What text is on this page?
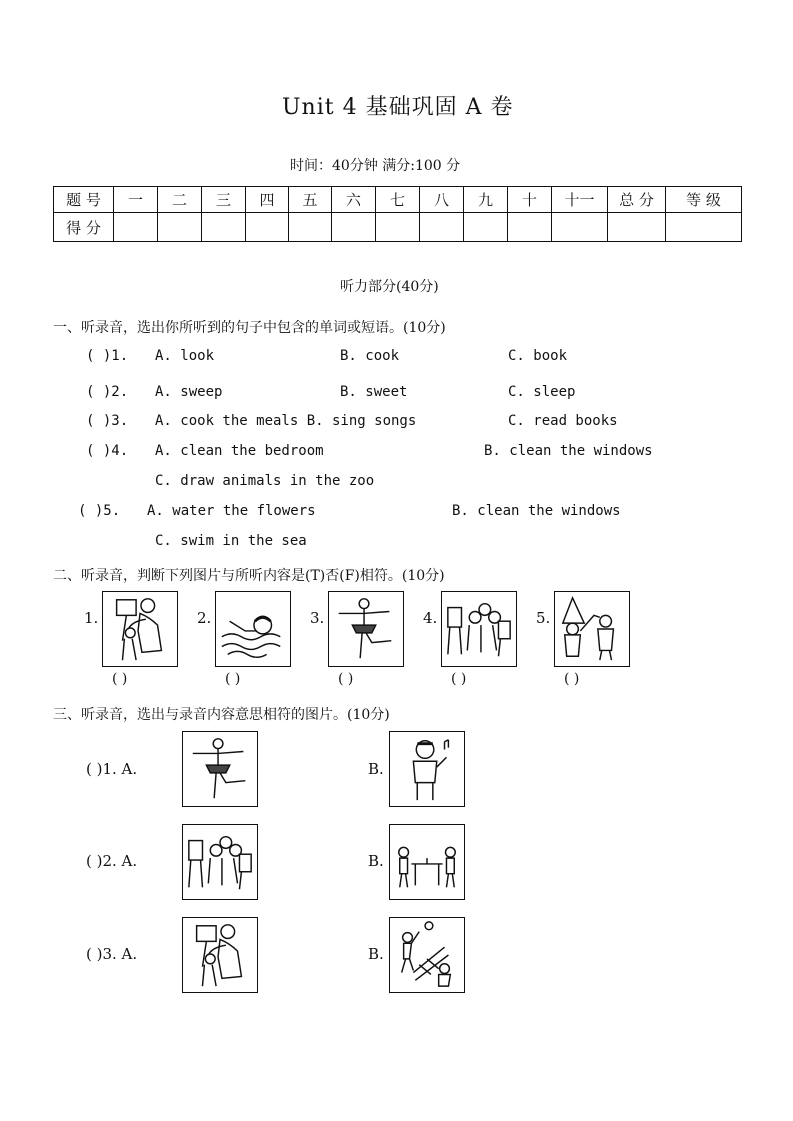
Unit 4 基础巩固 A 卷
时间：40分钟 满分:100 分
题 号	一	二	三	四	五	六	七	八	九	十	十一	总 分	等 级
得 分													
听力部分(40分)
一、听录音，选出你所听到的句子中包含的单词或短语。(10分)
( )1. A. look	B. cook	C. book
( )2. A. sweep	B. sweet	C. sleep
( )3. A. cook the meals B. sing songs	C. read books
( )4. A. clean the bedroom	B. clean the windows
C. draw animals in the zoo
( )5. A. water the flowers	B. clean the windows
C. swim in the sea
二、听录音，判断下列图片与所听内容是(T)否(F)相符。(10分)
1.
( )
2.
( )
3.
( )
4.
( )
5.
( )
三、听录音，选出与录音内容意思相符的图片。(10分)
( )1. A.	B.
( )2. A.	B.
( )3. A.	B.
